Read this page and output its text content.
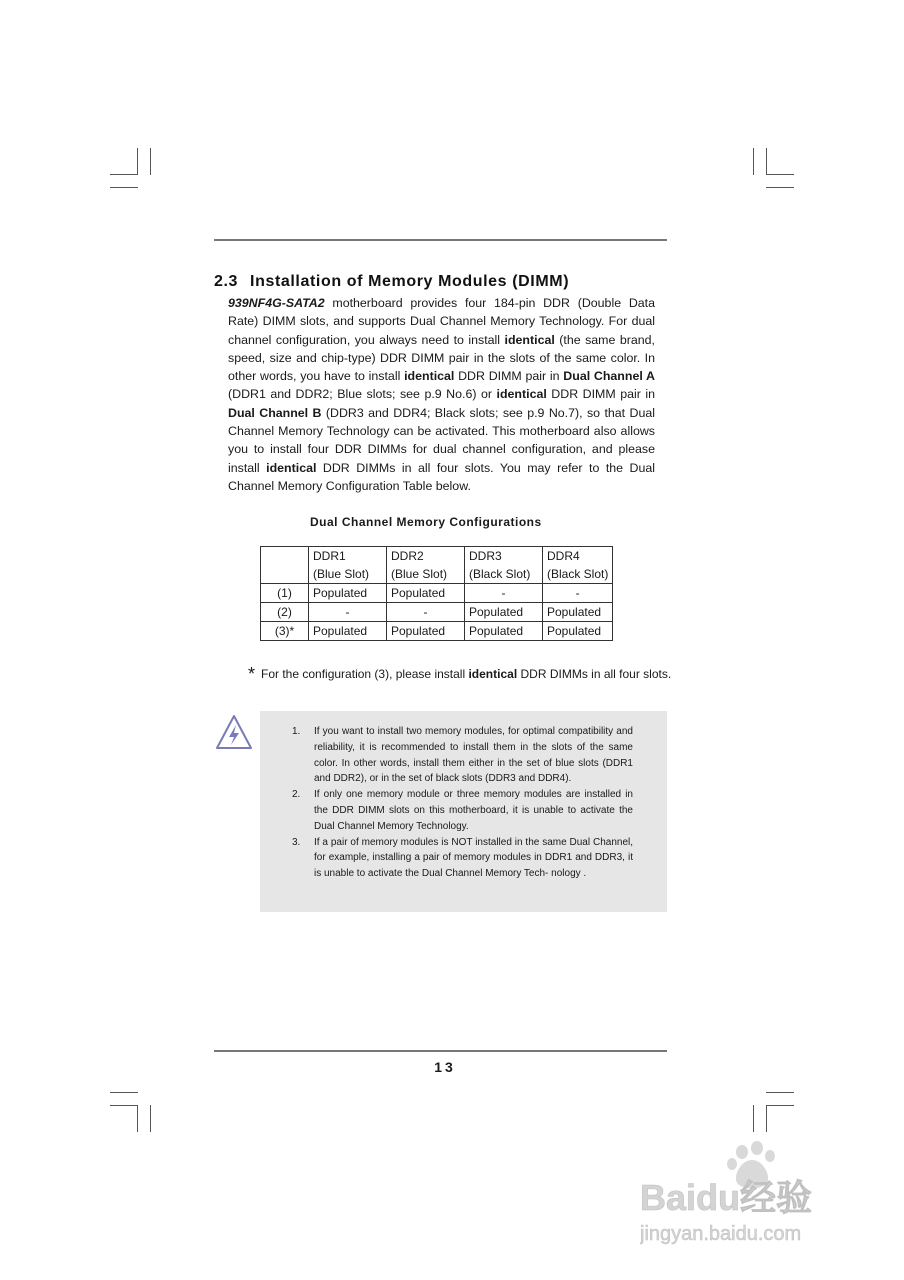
2.3 Installation of Memory Modules (DIMM)
939NF4G-SATA2 motherboard provides four 184-pin DDR (Double Data Rate) DIMM slots, and supports Dual Channel Memory Technology. For dual channel configuration, you always need to install identical (the same brand, speed, size and chip-type) DDR DIMM pair in the slots of the same color. In other words, you have to install identical DDR DIMM pair in Dual Channel A (DDR1 and DDR2; Blue slots; see p.9 No.6) or identical DDR DIMM pair in Dual Channel B (DDR3 and DDR4; Black slots; see p.9 No.7), so that Dual Channel Memory Technology can be activated. This motherboard also allows you to install four DDR DIMMs for dual channel configuration, and please install identical DDR DIMMs in all four slots. You may refer to the Dual Channel Memory Configuration Table below.
Dual Channel Memory Configurations
	DDR1	DDR2	DDR3	DDR4
	(Blue Slot)	(Blue Slot)	(Black Slot)	(Black Slot)
(1)	Populated	Populated	-	-
(2)	-	-	Populated	Populated
(3)*	Populated	Populated	Populated	Populated
* For the configuration (3), please install identical DDR DIMMs in all four slots.
1. If you want to install two memory modules, for optimal compatibility and reliability, it is recommended to install them in the slots of the same color. In other words, install them either in the set of blue slots (DDR1 and DDR2), or in the set of black slots (DDR3 and DDR4).
2. If only one memory module or three memory modules are installed in the DDR DIMM slots on this motherboard, it is unable to activate the Dual Channel Memory Technology.
3. If a pair of memory modules is NOT installed in the same Dual Channel, for example, installing a pair of memory modules in DDR1 and DDR3, it is unable to activate the Dual Channel Memory Tech- nology .
13
Baidu经验
jingyan.baidu.com
